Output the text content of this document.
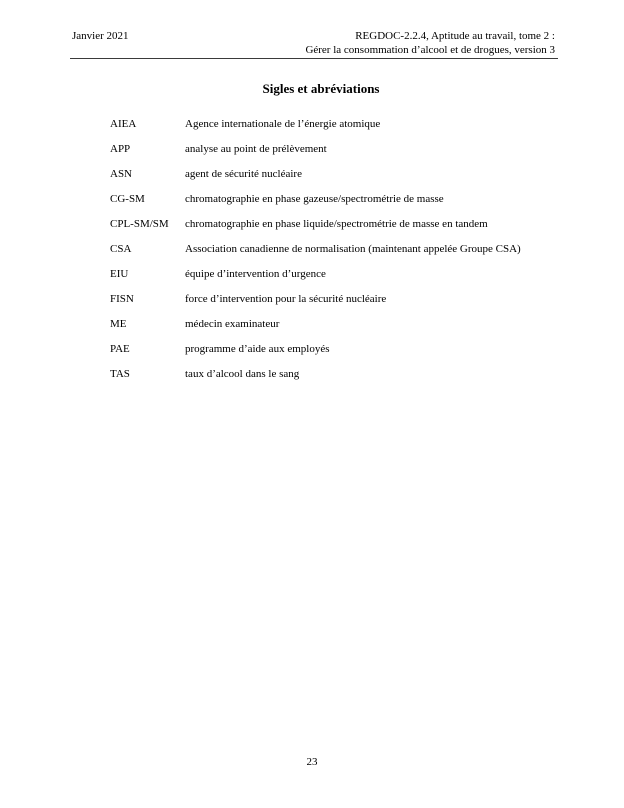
Janvier 2021	REGDOC-2.2.4, Aptitude au travail, tome 2 :
Gérer la consommation d’alcool et de drogues, version 3
Sigles et abréviations
AIEA	Agence internationale de l’énergie atomique
APP	analyse au point de prélèvement
ASN	agent de sécurité nucléaire
CG-SM	chromatographie en phase gazeuse/spectrométrie de masse
CPL-SM/SM	chromatographie en phase liquide/spectrométrie de masse en tandem
CSA	Association canadienne de normalisation (maintenant appelée Groupe CSA)
EIU	équipe d’intervention d’urgence
FISN	force d’intervention pour la sécurité nucléaire
ME	médecin examinateur
PAE	programme d’aide aux employés
TAS	taux d’alcool dans le sang
23
